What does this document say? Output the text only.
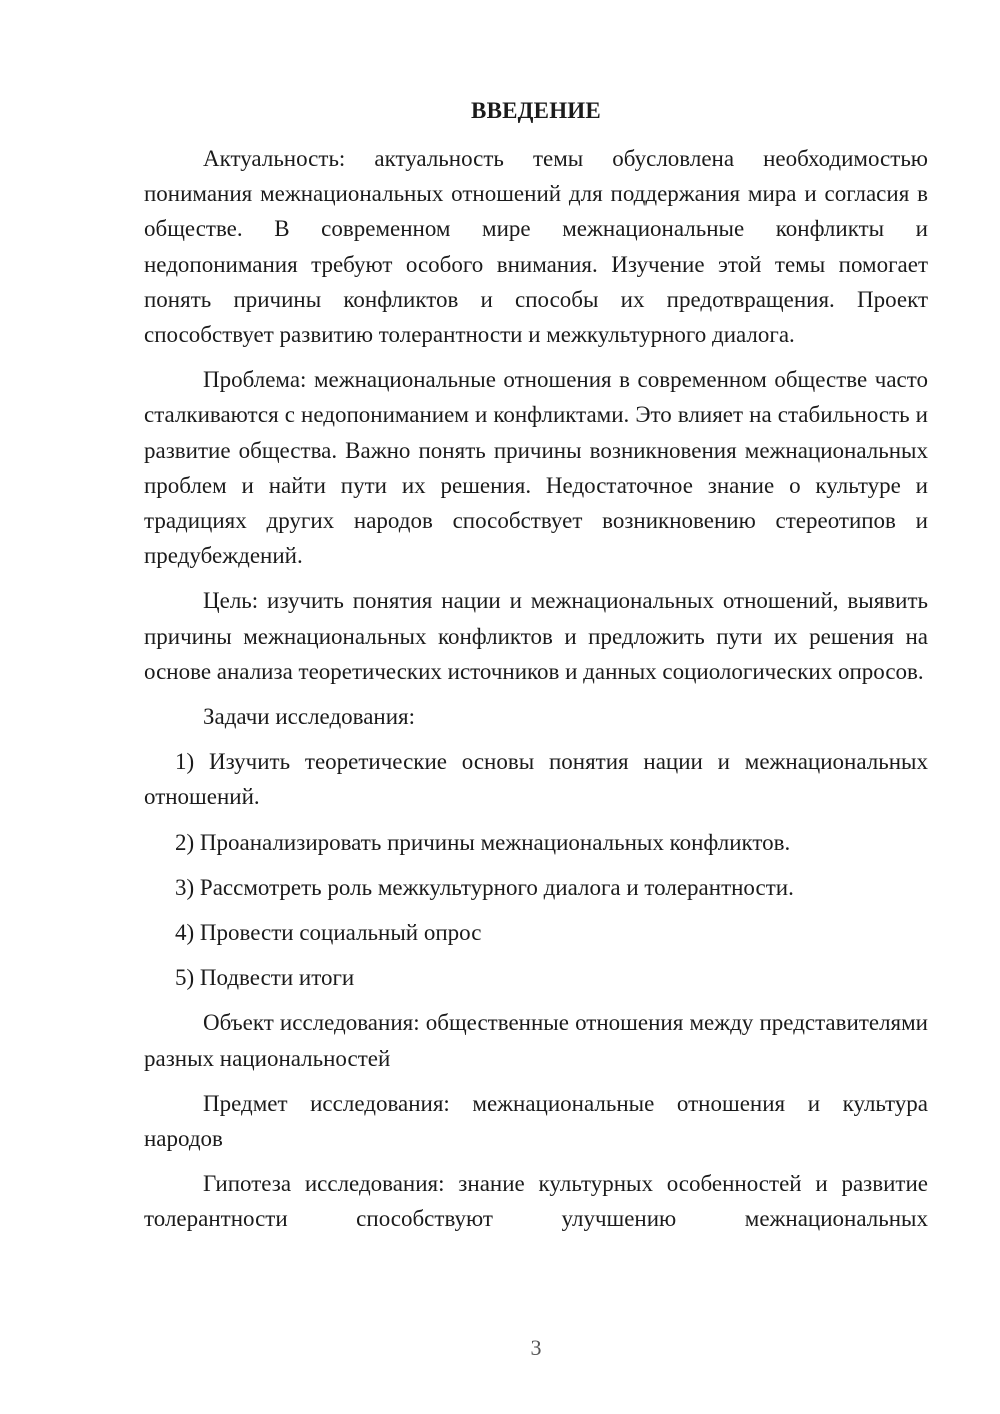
ВВЕДЕНИЕ

Актуальность: актуальность темы обусловлена необходимостью понимания межнациональных отношений для поддержания мира и согласия в обществе. В современном мире межнациональные конфликты и недопонимания требуют особого внимания. Изучение этой темы помогает понять причины конфликтов и способы их предотвращения. Проект способствует развитию толерантности и межкультурного диалога.

Проблема: межнациональные отношения в современном обществе часто сталкиваются с недопониманием и конфликтами. Это влияет на стабильность и развитие общества. Важно понять причины возникновения межнациональных проблем и найти пути их решения. Недостаточное знание о культуре и традициях других народов способствует возникновению стереотипов и предубеждений.

Цель: изучить понятия нации и межнациональных отношений, выявить причины межнациональных конфликтов и предложить пути их решения на основе анализа теоретических источников и данных социологических опросов.

Задачи исследования:

1) Изучить теоретические основы понятия нации и межнациональных отношений.

2) Проанализировать причины межнациональных конфликтов.

3) Рассмотреть роль межкультурного диалога и толерантности.

4) Провести социальный опрос

5) Подвести итоги

Объект исследования: общественные отношения между представителями разных национальностей

Предмет исследования: межнациональные отношения и культура народов

Гипотеза исследования: знание культурных особенностей и развитие толерантности способствуют улучшению межнациональных

3
